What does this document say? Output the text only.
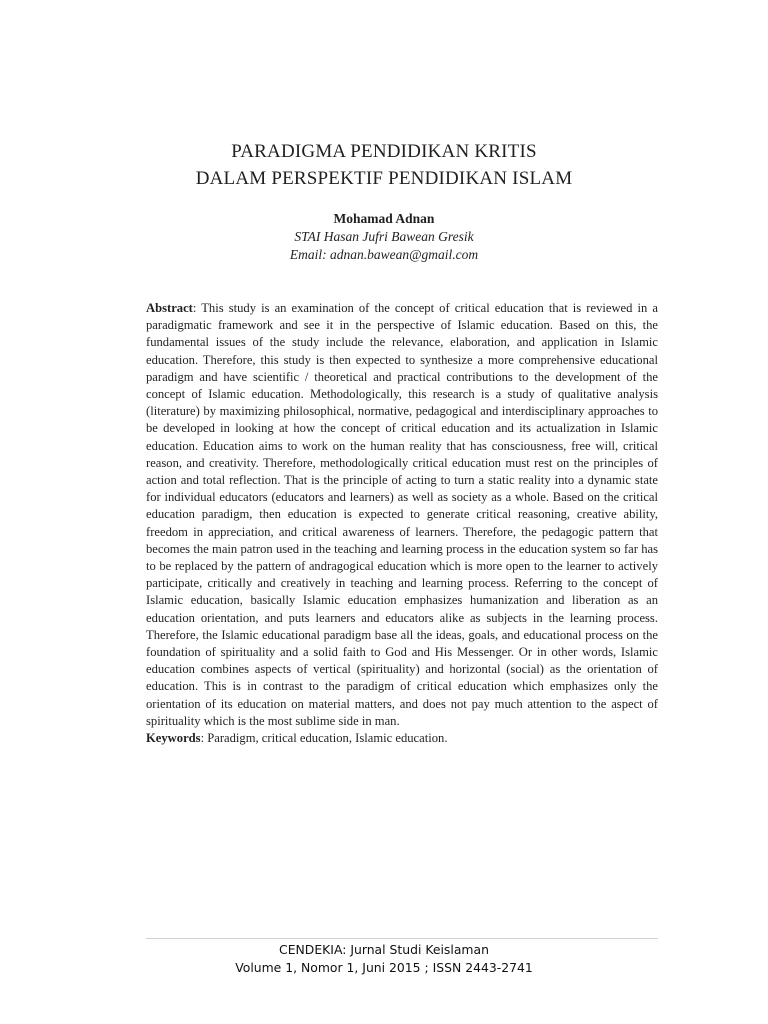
PARADIGMA PENDIDIKAN KRITIS
DALAM PERSPEKTIF PENDIDIKAN ISLAM
Mohamad Adnan
STAI Hasan Jufri Bawean Gresik
Email: adnan.bawean@gmail.com

Abstract: This study is an examination of the concept of critical education that is reviewed in a paradigmatic framework and see it in the perspective of Islamic education. Based on this, the fundamental issues of the study include the relevance, elaboration, and application in Islamic education. Therefore, this study is then expected to synthesize a more comprehensive educational paradigm and have scientific / theoretical and practical contributions to the development of the concept of Islamic education. Methodologically, this research is a study of qualitative analysis (literature) by maximizing philosophical, normative, pedagogical and interdisciplinary approaches to be developed in looking at how the concept of critical education and its actualization in Islamic education. Education aims to work on the human reality that has consciousness, free will, critical reason, and creativity. Therefore, methodologically critical education must rest on the principles of action and total reflection. That is the principle of acting to turn a static reality into a dynamic state for individual educators (educators and learners) as well as society as a whole. Based on the critical education paradigm, then education is expected to generate critical reasoning, creative ability, freedom in appreciation, and critical awareness of learners. Therefore, the pedagogic pattern that becomes the main patron used in the teaching and learning process in the education system so far has to be replaced by the pattern of andragogical education which is more open to the learner to actively participate, critically and creatively in teaching and learning process. Referring to the concept of Islamic education, basically Islamic education emphasizes humanization and liberation as an education orientation, and puts learners and educators alike as subjects in the learning process. Therefore, the Islamic educational paradigm base all the ideas, goals, and educational process on the foundation of spirituality and a solid faith to God and His Messenger. Or in other words, Islamic education combines aspects of vertical (spirituality) and horizontal (social) as the orientation of education. This is in contrast to the paradigm of critical education which emphasizes only the orientation of its education on material matters, and does not pay much attention to the aspect of spirituality which is the most sublime side in man.

Keywords: Paradigm, critical education, Islamic education.

CENDEKIA: Jurnal Studi Keislaman
Volume 1, Nomor 1, Juni 2015 ; ISSN 2443-2741
